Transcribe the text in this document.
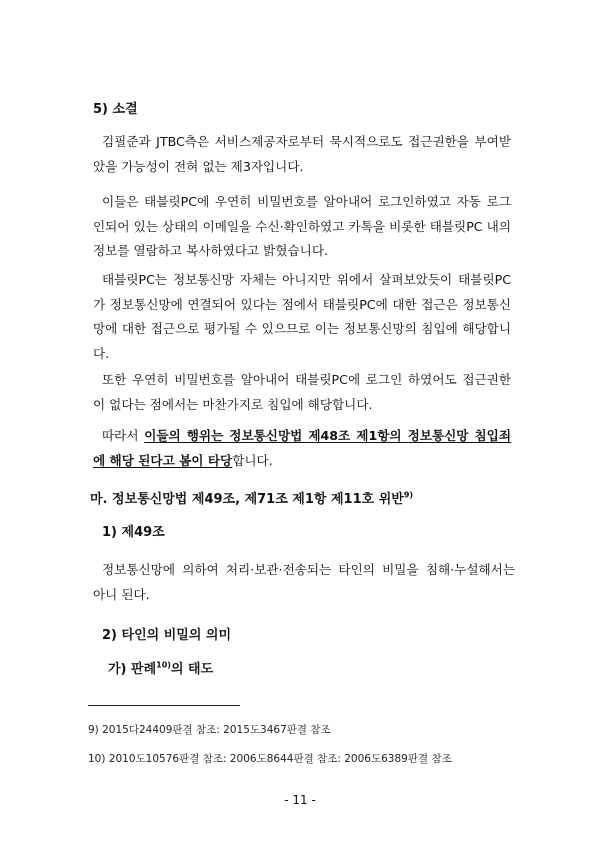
5) 소결
김필준과 JTBC측은 서비스제공자로부터 묵시적으로도 접근권한을 부여받았을 가능성이 전혀 없는 제3자입니다.
이들은 태블릿PC에 우연히 비밀번호를 알아내어 로그인하였고 자동 로그인되어 있는 상태의 이메일을 수신·확인하였고 카톡을 비롯한 태블릿PC 내의 정보를 열람하고 복사하였다고 밝혔습니다.
태블릿PC는 정보통신망 자체는 아니지만 위에서 살펴보았듯이 태블릿PC가 정보통신망에 연결되어 있다는 점에서 태블릿PC에 대한 접근은 정보통신망에 대한 접근으로 평가될 수 있으므로 이는 정보통신망의 침입에 해당합니다.
또한 우연히 비밀번호를 알아내어 태블릿PC에 로그인 하였어도 접근권한이 없다는 점에서는 마찬가지로 침입에 해당합니다.
따라서 이들의 행위는 정보통신망법 제48조 제1항의 정보통신망 침입죄에 해당 된다고 봄이 타당합니다.
마. 정보통신망법 제49조, 제71조 제1항 제11호 위반$^{9)}$
1) 제49조
정보통신망에 의하여 처리·보관·전송되는 타인의 비밀을 침해·누설해서는 아니 된다.
2) 타인의 비밀의 의미
가) 판례$^{10)}$의 태도
9) 2015다24409판결 참조: 2015도3467판결 참조
10) 2010도10576판결 참조: 2006도8644판결 참조: 2006도6389판결 참조
- 11 -
